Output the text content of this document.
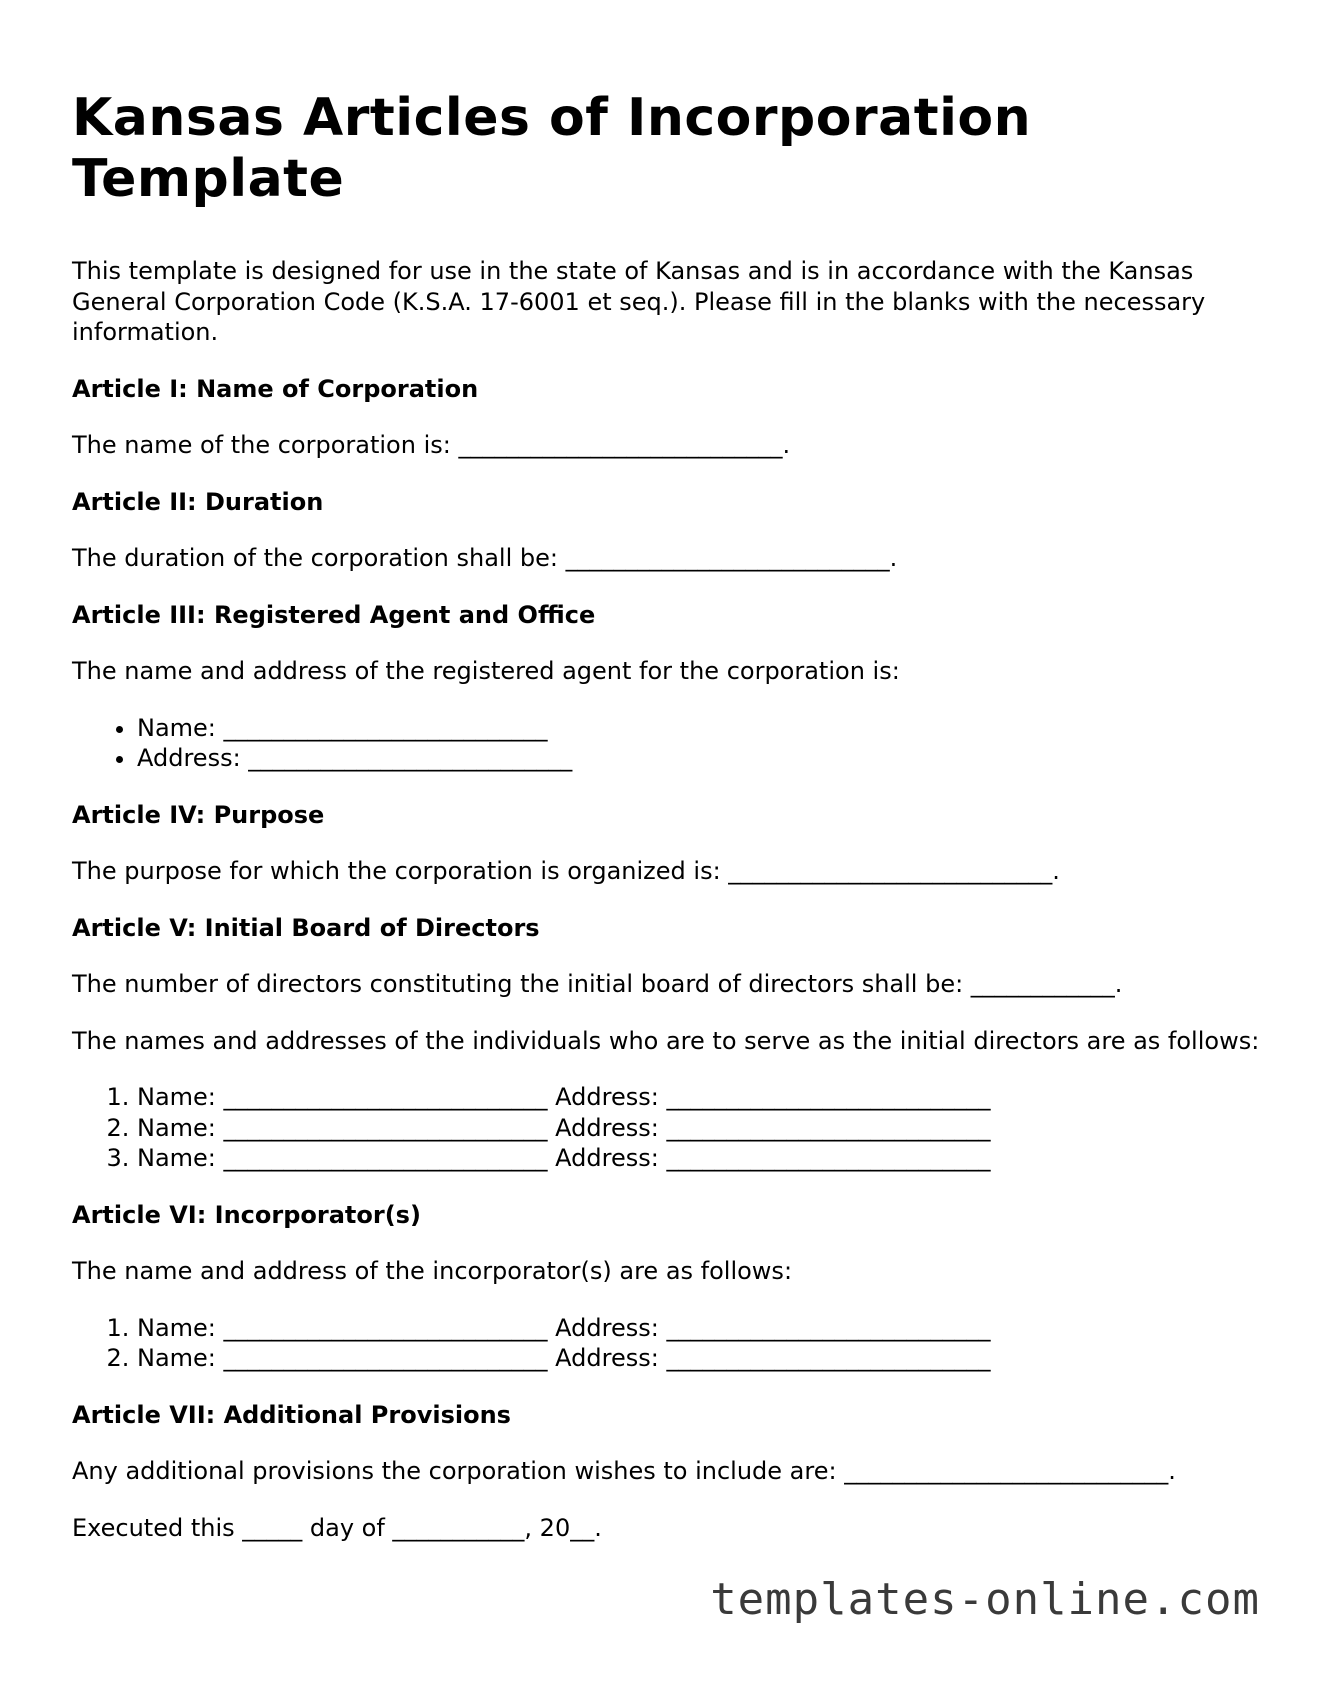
Kansas Articles of Incorporation Template

This template is designed for use in the state of Kansas and is in accordance with the Kansas General Corporation Code (K.S.A. 17-6001 et seq.). Please fill in the blanks with the necessary information.

Article I: Name of Corporation

The name of the corporation is: ___________________________.

Article II: Duration

The duration of the corporation shall be: ___________________________.

Article III: Registered Agent and Office

The name and address of the registered agent for the corporation is:

• Name: ___________________________
• Address: ___________________________
Article IV: Purpose

The purpose for which the corporation is organized is: ___________________________.

Article V: Initial Board of Directors

The number of directors constituting the initial board of directors shall be: ____________.

The names and addresses of the individuals who are to serve as the initial directors are as follows:

1. Name: ___________________________ Address: ___________________________
2. Name: ___________________________ Address: ___________________________
3. Name: ___________________________ Address: ___________________________
Article VI: Incorporator(s)

The name and address of the incorporator(s) are as follows:

1. Name: ___________________________ Address: ___________________________
2. Name: ___________________________ Address: ___________________________
Article VII: Additional Provisions

Any additional provisions the corporation wishes to include are: ___________________________.

Executed this _____ day of ___________, 20__.

templates-online.com
